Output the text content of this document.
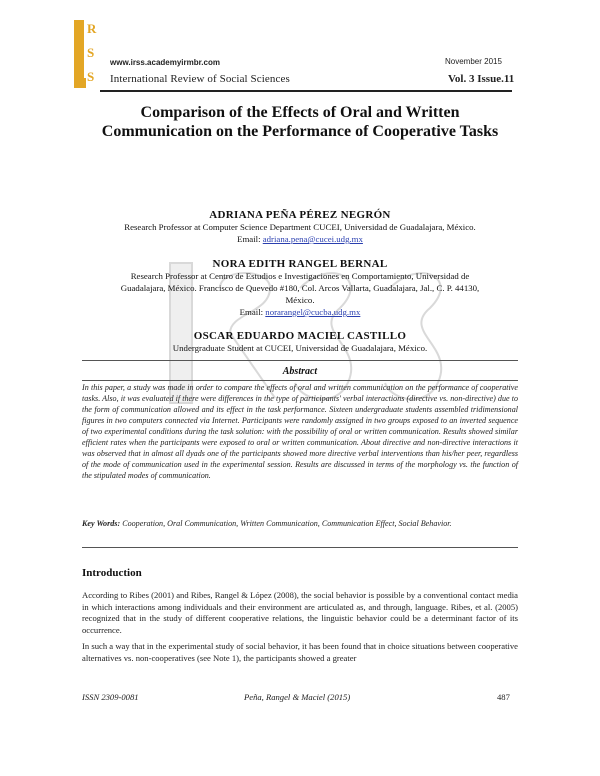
R
S
S
www.irss.academyirmbr.com
International Review of Social Sciences
November 2015
Vol. 3 Issue.11
Comparison of the Effects of Oral and Written
Communication on the Performance of Cooperative Tasks
ADRIANA PEÑA PÉREZ NEGRÓN
Research Professor at Computer Science Department CUCEI, Universidad de Guadalajara, México.
Email: adriana.pena@cucei.udg.mx
NORA EDITH RANGEL BERNAL
Research Professor at Centro de Estudios e Investigaciones en Comportamiento, Universidad de
Guadalajara, México. Francisco de Quevedo #180, Col. Arcos Vallarta, Guadalajara, Jal., C. P. 44130,
México.
Email: norarangel@cucba.udg.mx
OSCAR EDUARDO MACIEL CASTILLO
Undergraduate Student at CUCEI, Universidad de Guadalajara, México.
Abstract
In this paper, a study was made in order to compare the effects of oral and written communication on the performance of cooperative tasks. Also, it was evaluated if there were differences in the type of participants' verbal interactions (directive vs. non-directive) due to the form of communication allowed and its effect in the task performance. Sixteen undergraduate students assembled tridimensional figures in two computers connected via Internet. Participants were randomly assigned in two groups exposed to an inverted sequence of two experimental conditions during the task solution: with the possibility of oral or written communication. Results showed similar efficient rates when the participants were exposed to oral or written communication. About directive and non-directive interactions it was observed that in almost all dyads one of the participants showed more directive verbal interventions than his/her peer, regardless of the mode of communication used in the experimental session. Results are discussed in terms of the morphology vs. the function of the stipulated modes of communication.
Key Words: Cooperation, Oral Communication, Written Communication, Communication Effect, Social Behavior.
Introduction
According to Ribes (2001) and Ribes, Rangel & López (2008), the social behavior is possible by a conventional contact media in which interactions among individuals and their environment are articulated as, and through, language. Ribes, et al. (2005) recognized that in the study of different cooperative relations, the linguistic behavior could be a determinant factor of its occurrence.
In such a way that in the experimental study of social behavior, it has been found that in choice situations between cooperative alternatives vs. non-cooperatives (see Note 1), the participants showed a greater
ISSN 2309-0081	Peña, Rangel & Maciel (2015)	487
